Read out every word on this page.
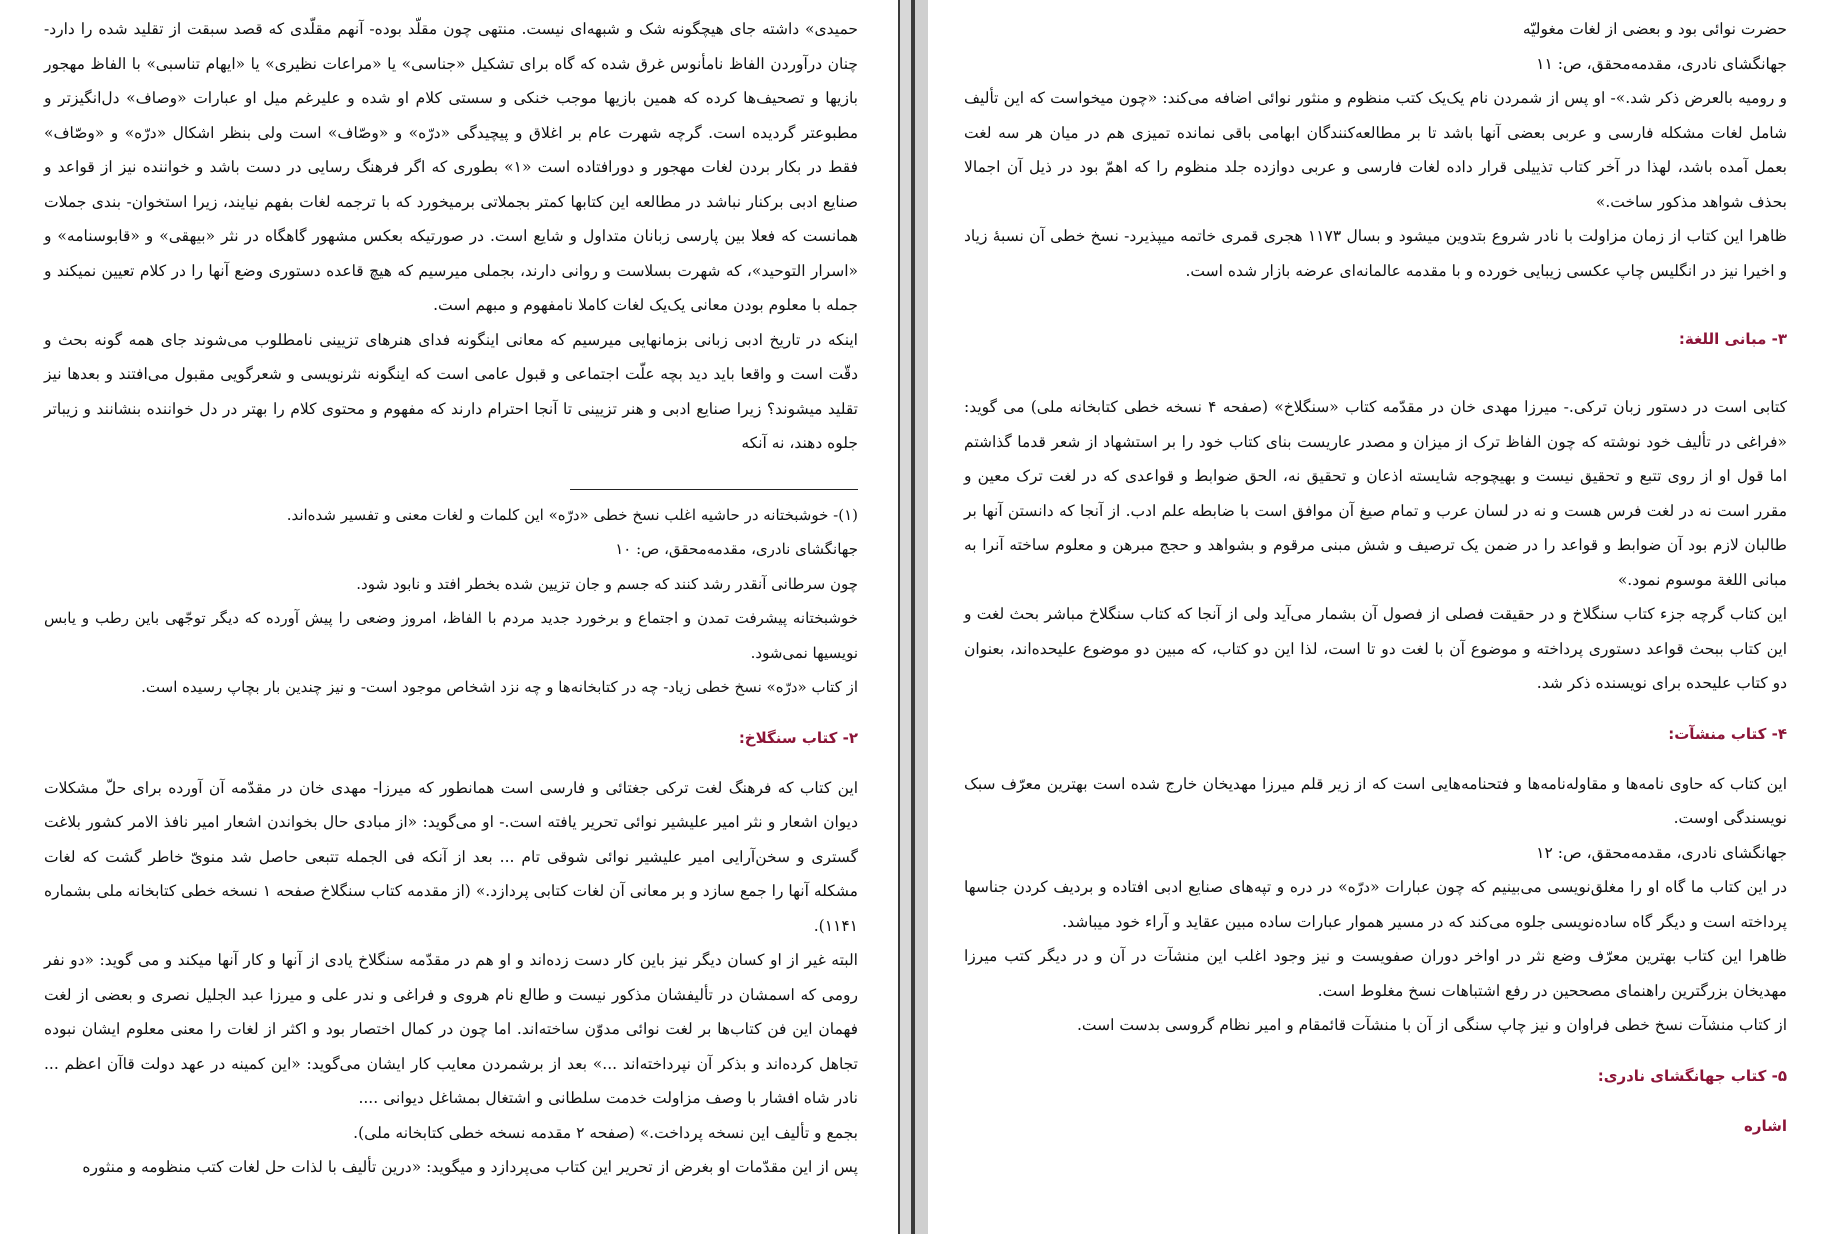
حمیدی» داشته جای هیچگونه شک و شبهه‌ای نیست. منتهی چون مقلّد بوده- آنهم مقلّدی که قصد سبقت از تقلید شده را دارد- چنان درآوردن الفاظ نامأنوس غرق شده که گاه برای تشکیل «جناسی» یا «مراعات نظیری» یا «ایهام تناسبی» با الفاظ مهجور بازیها و تصحیف‌ها کرده که همین بازیها موجب خنکی و سستی کلام او شده و علیرغم میل او عبارات «وصاف» دل‌انگیزتر و مطبوعتر گردیده است. گرچه شهرت عام بر اغلاق و پیچیدگی «درّه» و «وصّاف» است ولی بنظر اشکال «درّه» و «وصّاف» فقط در بکار بردن لغات مهجور و دورافتاده است «۱» بطوری که اگر فرهنگ رسایی در دست باشد و خواننده نیز از قواعد و صنایع ادبی برکنار نباشد در مطالعه این کتابها کمتر بجملاتی برمیخورد که با ترجمه لغات بفهم نیایند، زیرا استخوان- بندی جملات همانست که فعلا بین پارسی زبانان متداول و شایع است. در صورتیکه بعکس مشهور گاهگاه در نثر «بیهقی» و «قابوسنامه» و «اسرار التوحید»، که شهرت بسلاست و روانی دارند، بجملی میرسیم که هیچ قاعده دستوری وضع آنها را در کلام تعیین نمیکند و جمله با معلوم بودن معانی یک‌یک لغات کاملا نامفهوم و مبهم است.

اینکه در تاریخ ادبی زبانی بزمانهایی میرسیم که معانی اینگونه فدای هنرهای تزیینی نامطلوب می‌شوند جای همه گونه بحث و دقّت است و واقعا باید دید بچه علّت اجتماعی و قبول عامی است که اینگونه نثرنویسی و شعرگویی مقبول می‌افتند و بعدها نیز تقلید میشوند؟ زیرا صنایع ادبی و هنر تزیینی تا آنجا احترام دارند که مفهوم و محتوی کلام را بهتر در دل خواننده بنشانند و زیباتر جلوه دهند، نه آنکه

(۱)- خوشبختانه در حاشیه اغلب نسخ خطی «درّه» این کلمات و لغات معنی و تفسیر شده‌اند.

جهانگشای نادری، مقدمه‌محقق، ص: ۱۰

چون سرطانی آنقدر رشد کنند که جسم و جان تزیین شده بخطر افتد و نابود شود.

خوشبختانه پیشرفت تمدن و اجتماع و برخورد جدید مردم با الفاظ، امروز وضعی را پیش آورده که دیگر توجّهی باین رطب و یابس نویسیها نمی‌شود.

از کتاب «درّه» نسخ خطی زیاد- چه در کتابخانه‌ها و چه نزد اشخاص موجود است- و نیز چندین بار بچاپ رسیده است.

۲- کتاب سنگلاخ:

این کتاب که فرهنگ لغت ترکی جغتائی و فارسی است همانطور که میرزا- مهدی خان در مقدّمه آن آورده برای حلّ مشکلات دیوان اشعار و نثر امیر علیشیر نوائی تحریر یافته است.- او می‌گوید: «از مبادی حال بخواندن اشعار امیر نافذ الامر کشور بلاغت گستری و سخن‌آرایی امیر علیشیر نوائی شوقی تام ... بعد از آنکه فی الجمله تتبعی حاصل شد منویّ خاطر گشت که لغات مشکله آنها را جمع سازد و بر معانی آن لغات کتابی پردازد.» (از مقدمه کتاب سنگلاخ صفحه ۱ نسخه خطی کتابخانه ملی بشماره ۱۱۴۱).

البته غیر از او کسان دیگر نیز باین کار دست زده‌اند و او هم در مقدّمه سنگلاخ یادی از آنها و کار آنها میکند و می گوید: «دو نفر رومی که اسمشان در تألیفشان مذکور نیست و طالع نام هروی و فراغی و ندر علی و میرزا عبد الجلیل نصری و بعضی از لغت فهمان این فن کتاب‌ها بر لغت نوائی مدوّن ساخته‌اند. اما چون در کمال اختصار بود و اکثر از لغات را معنی معلوم ایشان نبوده تجاهل کرده‌اند و بذکر آن نپرداخته‌اند ...» بعد از برشمردن معایب کار ایشان می‌گوید: «این کمینه در عهد دولت قاآن اعظم ... نادر شاه افشار با وصف مزاولت خدمت سلطانی و اشتغال بمشاغل دیوانی ....

بجمع و تألیف این نسخه پرداخت.» (صفحه ۲ مقدمه نسخه خطی کتابخانه ملی).

پس از این مقدّمات او بغرض از تحریر این کتاب می‌پردازد و میگوید: «درین تألیف با لذات حل لغات کتب منظومه و منثوره

حضرت نوائی بود و بعضی از لغات مغولیّه

جهانگشای نادری، مقدمه‌محقق، ص: ۱۱

و رومیه بالعرض ذکر شد.»- او پس از شمردن نام یک‌یک کتب منظوم و منثور نوائی اضافه می‌کند: «چون میخواست که این تألیف شامل لغات مشکله فارسی و عربی بعضی آنها باشد تا بر مطالعه‌کنندگان ابهامی باقی نمانده تمیزی هم در میان هر سه لغت بعمل آمده باشد، لهذا در آخر کتاب تذییلی قرار داده لغات فارسی و عربی دوازده جلد منظوم را که اهمّ بود در ذیل آن اجمالا بحذف شواهد مذکور ساخت.»

ظاهرا این کتاب از زمان مزاولت با نادر شروع بتدوین میشود و بسال ۱۱۷۳ هجری قمری خاتمه میپذیرد- نسخ خطی آن نسبهٔ زیاد و اخیرا نیز در انگلیس چاپ عکسی زیبایی خورده و با مقدمه عالمانه‌ای عرضه بازار شده است.

۳- مبانی اللغة:

کتابی است در دستور زبان ترکی.- میرزا مهدی خان در مقدّمه کتاب «سنگلاخ» (صفحه ۴ نسخه خطی کتابخانه ملی) می گوید: «فراغی در تألیف خود نوشته که چون الفاظ ترک از میزان و مصدر عاریست بنای کتاب خود را بر استشهاد از شعر قدما گذاشتم اما قول او از روی تتبع و تحقیق نیست و بهیچوجه شایسته اذعان و تحقیق نه، الحق ضوابط و قواعدی که در لغت ترک معین و مقرر است نه در لغت فرس هست و نه در لسان عرب و تمام صیغ آن موافق است با ضابطه علم ادب. از آنجا که دانستن آنها بر طالبان لازم بود آن ضوابط و قواعد را در ضمن یک ترصیف و شش مبنی مرقوم و بشواهد و حجج مبرهن و معلوم ساخته آنرا به مبانی اللغة موسوم نمود.»

این کتاب گرچه جزء کتاب سنگلاخ و در حقیقت فصلی از فصول آن بشمار می‌آید ولی از آنجا که کتاب سنگلاخ مباشر بحث لغت و این کتاب ببحث قواعد دستوری پرداخته و موضوع آن با لغت دو تا است، لذا این دو کتاب، که مبین دو موضوع علیحده‌اند، بعنوان دو کتاب علیحده برای نویسنده ذکر شد.

۴- کتاب منشآت:

این کتاب که حاوی نامه‌ها و مقاوله‌نامه‌ها و فتحنامه‌هایی است که از زیر قلم میرزا مهدیخان خارج شده است بهترین معرّف سبک نویسندگی اوست.

جهانگشای نادری، مقدمه‌محقق، ص: ۱۲

در این کتاب ما گاه او را مغلق‌نویسی می‌بینیم که چون عبارات «درّه» در دره و تپه‌های صنایع ادبی افتاده و بردیف کردن جناسها پرداخته است و دیگر گاه ساده‌نویسی جلوه می‌کند که در مسیر هموار عبارات ساده مبین عقاید و آراء خود میباشد.

ظاهرا این کتاب بهترین معرّف وضع نثر در اواخر دوران صفویست و نیز وجود اغلب این منشآت در آن و در دیگر کتب میرزا مهدیخان بزرگترین راهنمای مصححین در رفع اشتباهات نسخ مغلوط است.

از کتاب منشآت نسخ خطی فراوان و نیز چاپ سنگی از آن با منشآت قائمقام و امیر نظام گروسی بدست است.

۵- کتاب جهانگشای نادری:

اشاره
